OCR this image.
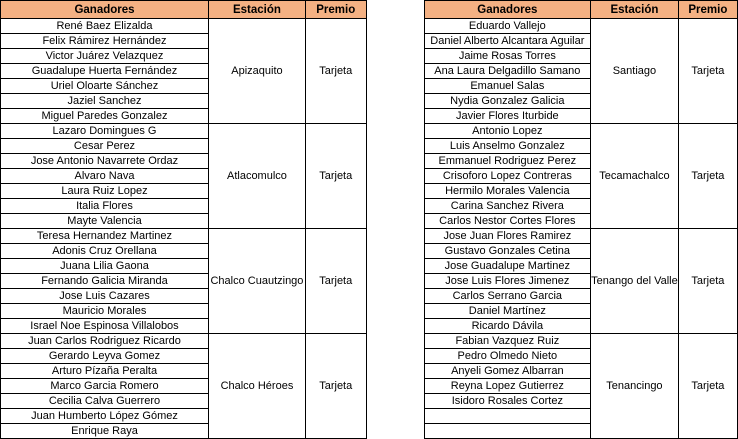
Ganadores	Estación	Premio
René Baez Elizalda	Apizaquito	Tarjeta
Felix Rámirez Hernández		
Victor Juárez Velazquez		
Guadalupe Huerta Fernández		
Uriel Oloarte Sánchez		
Jaziel Sanchez		
Miguel Paredes Gonzalez		
Lazaro Domingues G	Atlacomulco	Tarjeta
Cesar Perez		
Jose Antonio Navarrete Ordaz		
Alvaro Nava		
Laura Ruiz Lopez		
Italia Flores		
Mayte Valencia		
Teresa Hernandez Martinez	Chalco Cuautzingo	Tarjeta
Adonis Cruz Orellana		
Juana Lilia Gaona		
Fernando Galicia Miranda		
Jose Luis Cazares		
Mauricio Morales		
Israel Noe Espinosa Villalobos		
Juan Carlos Rodriguez Ricardo	Chalco Héroes	Tarjeta
Gerardo Leyva Gomez		
Arturo Pízaña Peralta		
Marco Garcia Romero		
Cecilia Calva Guerrero		
Juan Humberto López Gómez		
Enrique Raya		
Ganadores	Estación	Premio
Eduardo Vallejo	Santiago	Tarjeta
Daniel Alberto Alcantara Aguilar		
Jaime Rosas Torres		
Ana Laura Delgadillo Samano		
Emanuel Salas		
Nydia Gonzalez Galicia		
Javier Flores Iturbide		
Antonio Lopez	Tecamachalco	Tarjeta
Luis Anselmo Gonzalez		
Emmanuel Rodriguez Perez		
Crisoforo Lopez Contreras		
Hermilo Morales Valencia		
Carina Sanchez Rivera		
Carlos Nestor Cortes Flores		
Jose Juan Flores Ramirez	Tenango del Valle	Tarjeta
Gustavo Gonzales Cetina		
Jose Guadalupe Martinez		
Jose Luis Flores Jimenez		
Carlos Serrano Garcia		
Daniel Martínez		
Ricardo Dávila		
Fabian Vazquez Ruiz	Tenancingo	Tarjeta
Pedro Olmedo Nieto		
Anyeli Gomez Albarran		
Reyna Lopez Gutierrez		
Isidoro Rosales Cortez		
